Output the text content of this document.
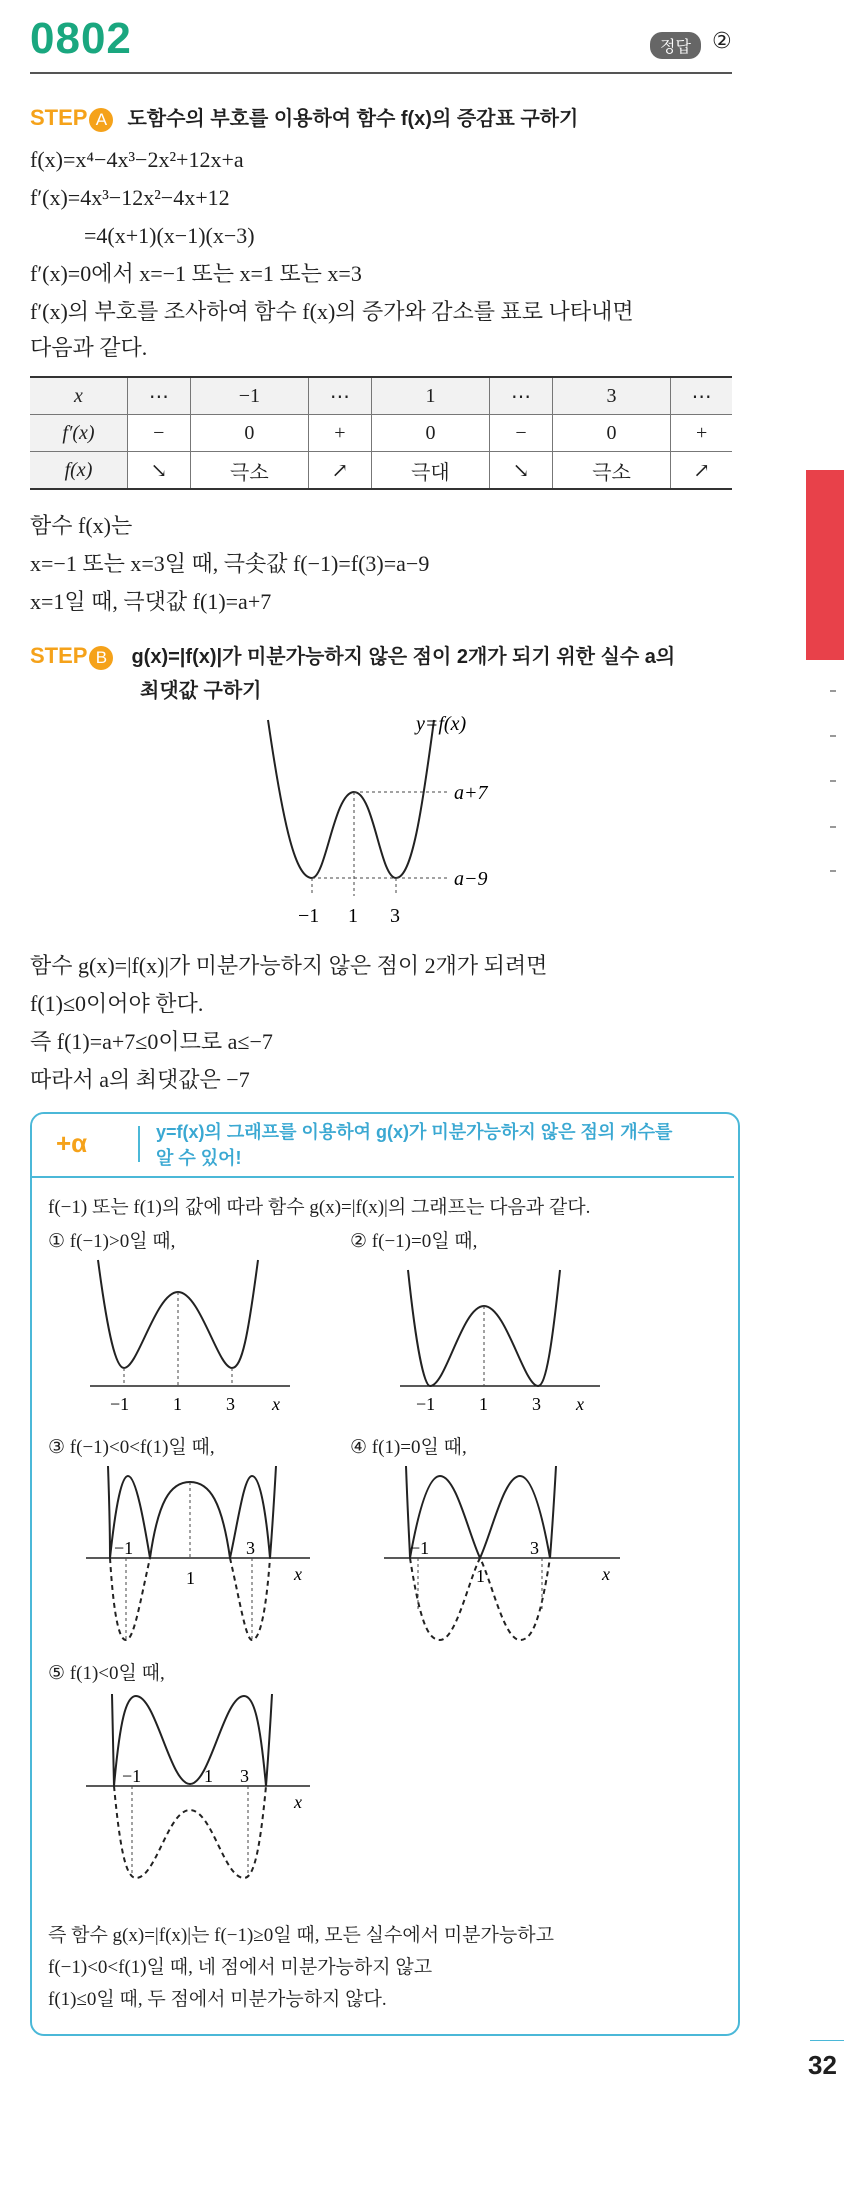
0802	정답 ②
STEP A 도함수의 부호를 이용하여 함수 f(x)의 증감표 구하기
f(x)=x⁴−4x³−2x²+12x+a
f′(x)=4x³−12x²−4x+12
=4(x+1)(x−1)(x−3)
f′(x)=0에서 x=−1 또는 x=1 또는 x=3
f′(x)의 부호를 조사하여 함수 f(x)의 증가와 감소를 표로 나타내면
다음과 같다.
x	⋯	−1	⋯	1	⋯	3	⋯
f′(x)	−	0	+	0	−	0	+
f(x)	↘	극소	↗	극대	↘	극소	↗
함수 f(x)는
x=−1 또는 x=3일 때, 극솟값 f(−1)=f(3)=a−9
x=1일 때, 극댓값 f(1)=a+7
STEP B g(x)=|f(x)|가 미분가능하지 않은 점이 2개가 되기 위한 실수 a의
최댓값 구하기
y=f(x)
a+7
a−9
−1 1 3
함수 g(x)=|f(x)|가 미분가능하지 않은 점이 2개가 되려면
f(1)≤0이어야 한다.
즉 f(1)=a+7≤0이므로 a≤−7
따라서 a의 최댓값은 −7
+α	y=f(x)의 그래프를 이용하여 g(x)가 미분가능하지 않은 점의 개수를
알 수 있어!
f(−1) 또는 f(1)의 값에 따라 함수 g(x)=|f(x)|의 그래프는 다음과 같다.
① f(−1)>0일 때,	② f(−1)=0일 때,
−1 1 3 x	−1 1 3 x
③ f(−1)<0<f(1)일 때,	④ f(1)=0일 때,
−1
1
3
x
−1
1
3
x
⑤ f(1)<0일 때,
−1	1 3
x
즉 함수 g(x)=|f(x)|는 f(−1)≥0일 때, 모든 실수에서 미분가능하고
f(−1)<0<f(1)일 때, 네 점에서 미분가능하지 않고
f(1)≤0일 때, 두 점에서 미분가능하지 않다.
32
